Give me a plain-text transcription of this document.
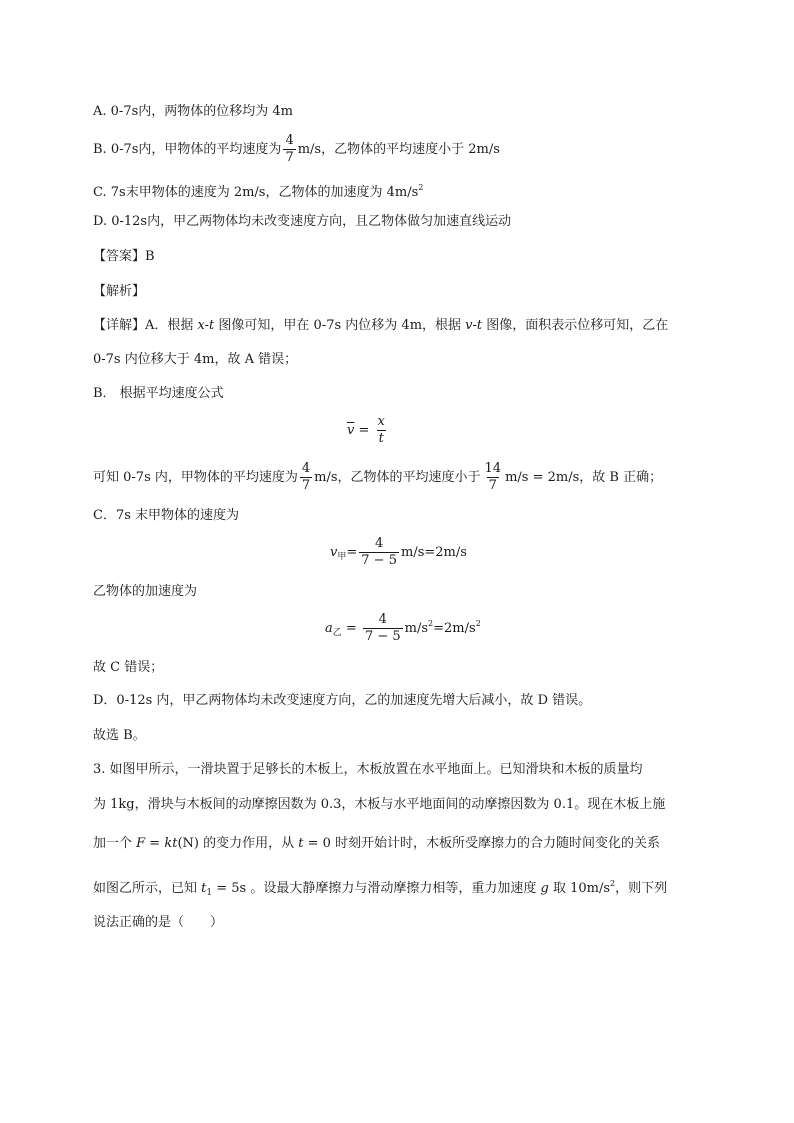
A. 0-7s内，两物体的位移均为 4m
B. 0-7s内，甲物体的平均速度为 $\frac{4}{7} m/s$，乙物体的平均速度小于 2m/s
C. 7s末甲物体的速度为 2m/s，乙物体的加速度为 $4m/s^2$
D. 0-12s内，甲乙两物体均未改变速度方向，且乙物体做匀加速直线运动
【答案】B
【解析】
【详解】A．根据 x-t 图像可知，甲在 0-7s 内位移为 4m，根据 v-t 图像，面积表示位移可知，乙在
0-7s 内位移大于 4m，故 A 错误；
B． 根据平均速度公式
$\overline{v} = \frac{x}{t}$
可知 0-7s 内，甲物体的平均速度为 $\frac{4}{7} m/s$，乙物体的平均速度小于 $\frac{14}{7} m/s = 2m/s$，故 B 正确；
C．7s 末甲物体的速度为
$v_甲= \frac{4}{7 - 5} m/s=2m/s$
乙物体的加速度为
$a_乙 = \frac{4}{7 - 5} m/s^2=2m/s^2$
故 C 错误；
D．0-12s 内，甲乙两物体均未改变速度方向，乙的加速度先增大后减小，故 D 错误。
故选 B。
3. 如图甲所示，一滑块置于足够长的木板上，木板放置在水平地面上。已知滑块和木板的质量均
为 1kg，滑块与木板间的动摩擦因数为 0.3，木板与水平地面间的动摩擦因数为 0.1。现在木板上施
加一个 F = kt(N) 的变力作用，从 t = 0 时刻开始计时，木板所受摩擦力的合力随时间变化的关系
如图乙所示，已知 $t_1 = 5s$ 。设最大静摩擦力与滑动摩擦力相等，重力加速度 g 取 $10m/s^2$，则下列
说法正确的是（　　）
